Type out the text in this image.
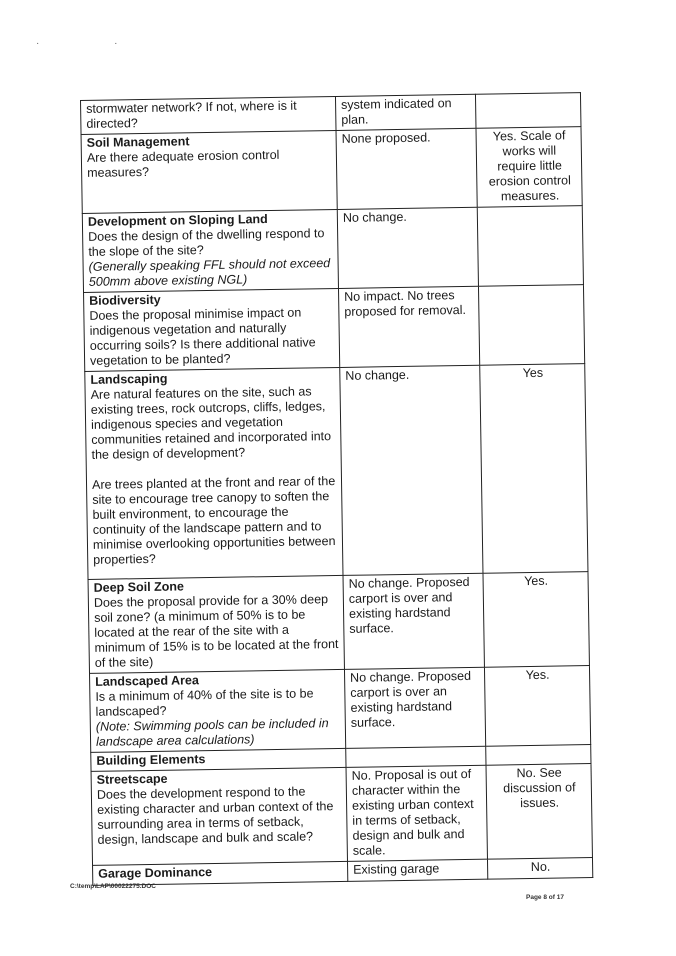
· ·
stormwater network? If not, where is it directed?	system indicated on plan.	

Soil Management
Are there adequate erosion control measures?	None proposed.	Yes. Scale of works will require little erosion control measures.

Development on Sloping Land
Does the design of the dwelling respond to the slope of the site?
(Generally speaking FFL should not exceed 500mm above existing NGL)	No change.	

Biodiversity
Does the proposal minimise impact on indigenous vegetation and naturally occurring soils? Is there additional native vegetation to be planted?	No impact. No trees proposed for removal.	

Landscaping
Are natural features on the site, such as existing trees, rock outcrops, cliffs, ledges, indigenous species and vegetation communities retained and incorporated into the design of development?
Are trees planted at the front and rear of the site to encourage tree canopy to soften the built environment, to encourage the continuity of the landscape pattern and to minimise overlooking opportunities between properties?	No change.	Yes

Deep Soil Zone
Does the proposal provide for a 30% deep soil zone? (a minimum of 50% is to be located at the rear of the site with a minimum of 15% is to be located at the front of the site)	No change. Proposed carport is over and existing hardstand surface.	Yes.

Landscaped Area
Is a minimum of 40% of the site is to be landscaped?
(Note: Swimming pools can be included in landscape area calculations)	No change. Proposed carport is over an existing hardstand surface.	Yes.
Building Elements		

Streetscape
Does the development respond to the existing character and urban context of the surrounding area in terms of setback, design, landscape and bulk and scale?	No. Proposal is out of character within the existing urban context in terms of setback, design and bulk and scale.	No. See discussion of issues.

Garage Dominance	Existing garage	No.
C:\temp\LAP\00022275.DOC
Page 8 of 17
